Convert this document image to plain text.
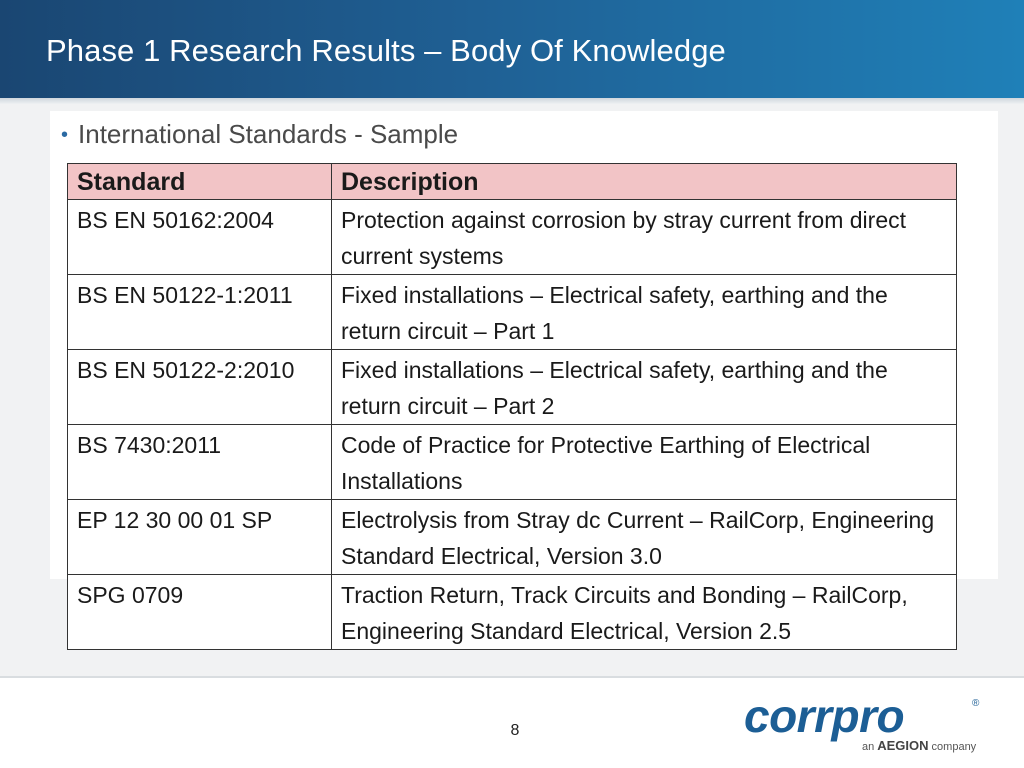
Phase 1 Research Results – Body Of Knowledge
• International Standards - Sample
Standard	Description
BS EN 50162:2004	Protection against corrosion by stray current from direct current systems
BS EN 50122-1:2011	Fixed installations – Electrical safety, earthing and the return circuit – Part 1
BS EN 50122-2:2010	Fixed installations – Electrical safety, earthing and the return circuit – Part 2
BS 7430:2011	Code of Practice for Protective Earthing of Electrical Installations
EP 12 30 00 01 SP	Electrolysis from Stray dc Current – RailCorp, Engineering Standard Electrical, Version 3.0
SPG 0709	Traction Return, Track Circuits and Bonding – RailCorp, Engineering Standard Electrical, Version 2.5
8	corrpro	®
an AEGION company
